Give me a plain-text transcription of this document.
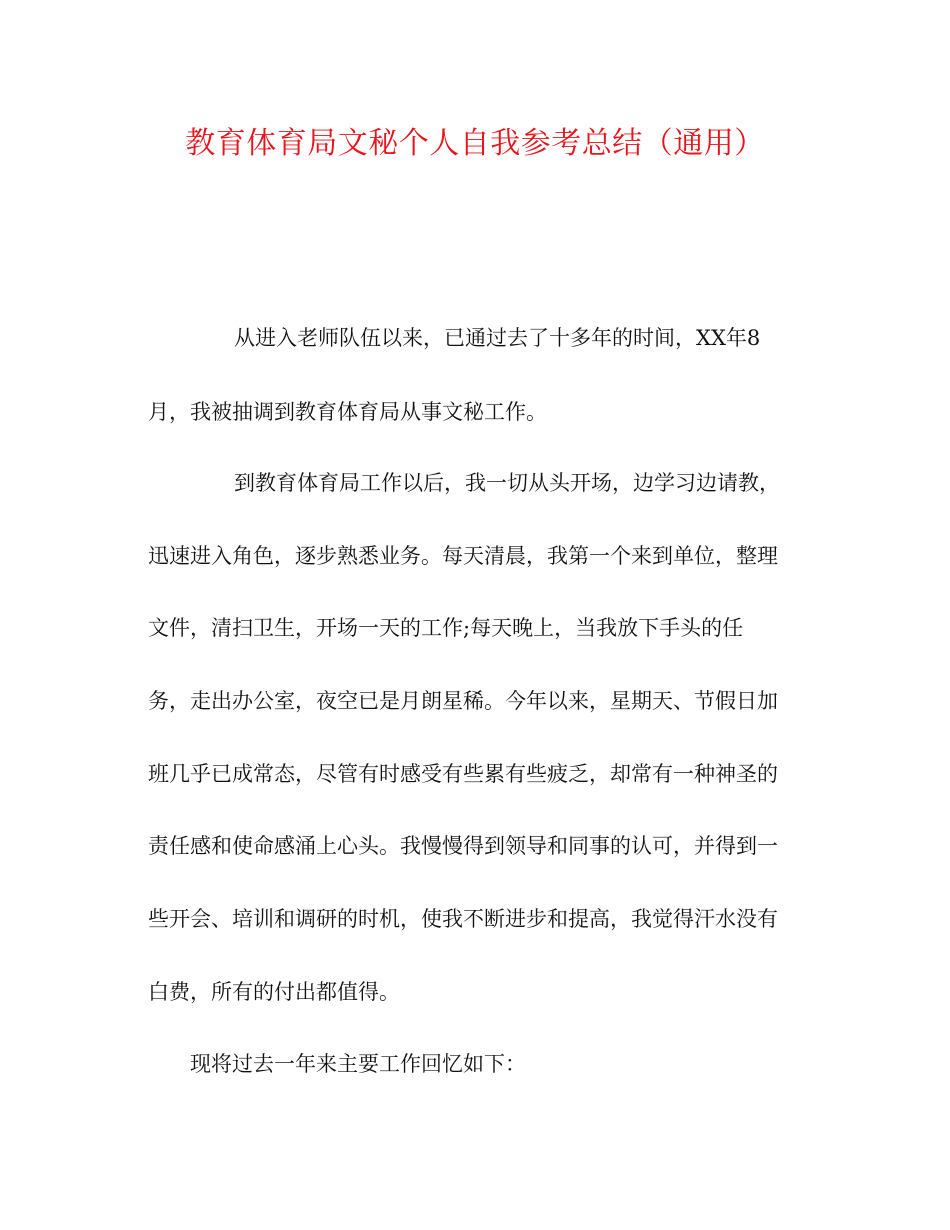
教育体育局文秘个人自我参考总结（通用）
从进入老师队伍以来，已通过去了十多年的时间，XX年8
月，我被抽调到教育体育局从事文秘工作。
到教育体育局工作以后，我一切从头开场，边学习边请教，
迅速进入角色，逐步熟悉业务。每天清晨，我第一个来到单位，整理
文件，清扫卫生，开场一天的工作;每天晚上，当我放下手头的任
务，走出办公室，夜空已是月朗星稀。今年以来，星期天、节假日加
班几乎已成常态，尽管有时感受有些累有些疲乏，却常有一种神圣的
责任感和使命感涌上心头。我慢慢得到领导和同事的认可，并得到一
些开会、培训和调研的时机，使我不断进步和提高，我觉得汗水没有
白费，所有的付出都值得。
现将过去一年来主要工作回忆如下：
